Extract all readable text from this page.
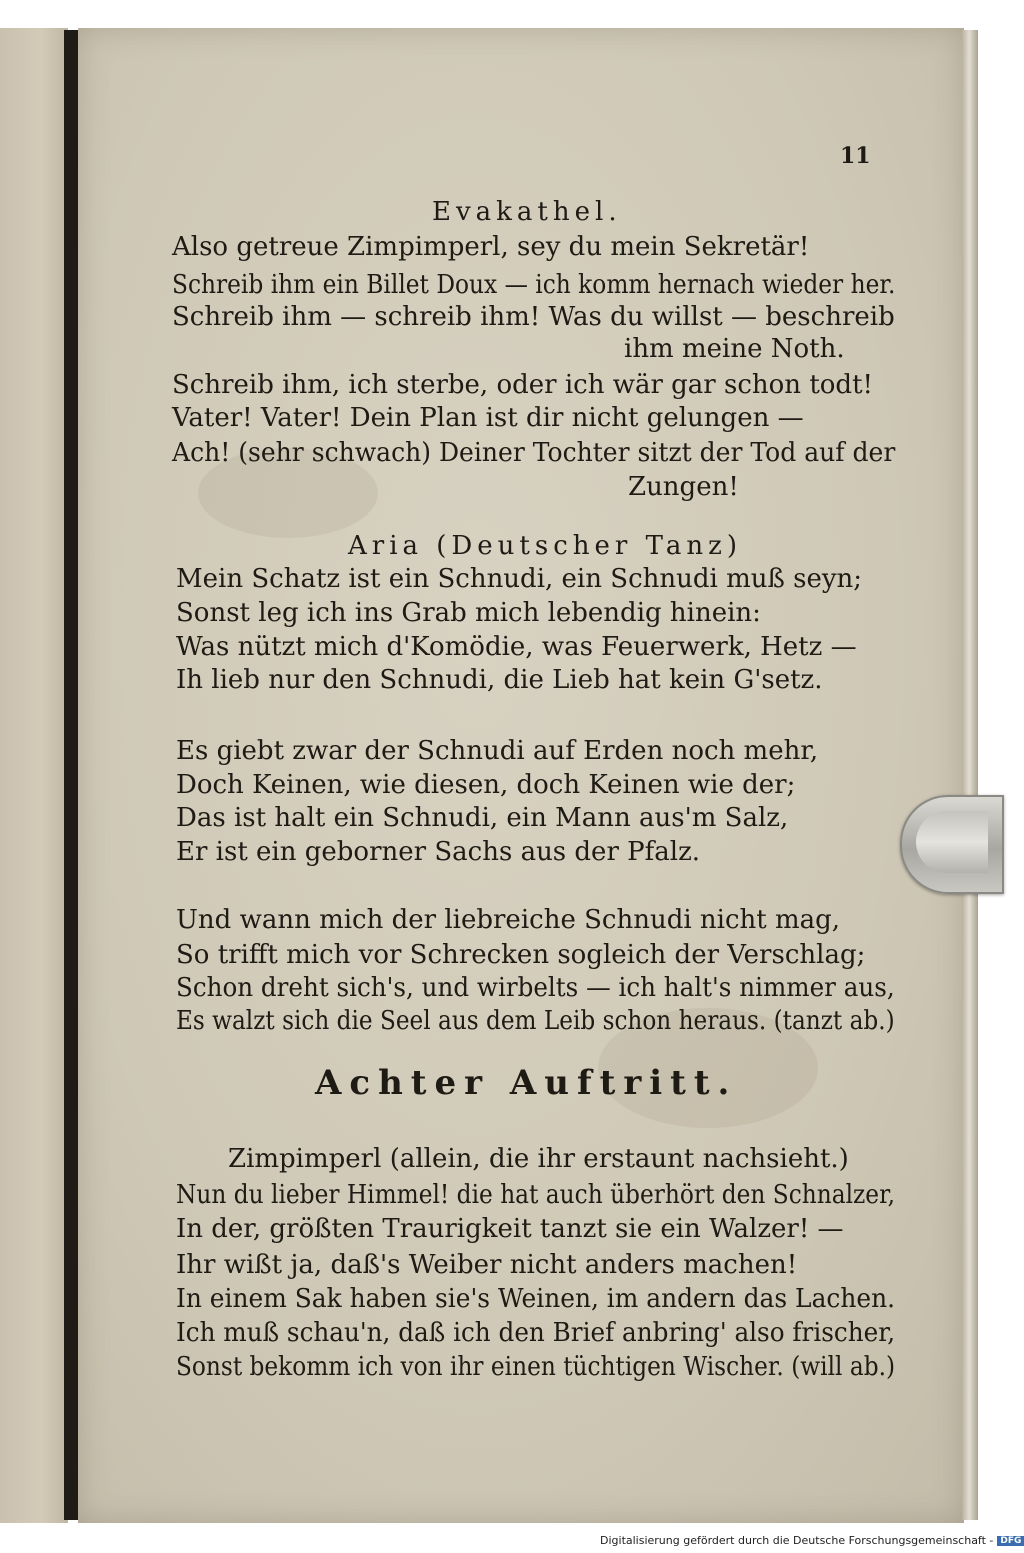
11
Evakathel.
Also getreue Zimpimperl, sey du mein Sekretär!
Schreib ihm ein Billet Doux — ich komm hernach wieder her.
Schreib ihm — schreib ihm! Was du willst — beschreib
ihm meine Noth.
Schreib ihm, ich sterbe, oder ich wär gar schon todt!
Vater! Vater! Dein Plan ist dir nicht gelungen —
Ach! (sehr schwach) Deiner Tochter sitzt der Tod auf der
Zungen!
Aria (Deutscher Tanz)
Mein Schatz ist ein Schnudi, ein Schnudi muß seyn;
Sonst leg ich ins Grab mich lebendig hinein:
Was nützt mich d'Komödie, was Feuerwerk, Hetz —
Ih lieb nur den Schnudi, die Lieb hat kein G'setz.
Es giebt zwar der Schnudi auf Erden noch mehr,
Doch Keinen, wie diesen, doch Keinen wie der;
Das ist halt ein Schnudi, ein Mann aus'm Salz,
Er ist ein geborner Sachs aus der Pfalz.
Und wann mich der liebreiche Schnudi nicht mag,
So trifft mich vor Schrecken sogleich der Verschlag;
Schon dreht sich's, und wirbelts — ich halt's nimmer aus,
Es walzt sich die Seel aus dem Leib schon heraus. (tanzt ab.)
Achter Auftritt.
Zimpimperl (allein, die ihr erstaunt nachsieht.)
Nun du lieber Himmel! die hat auch überhört den Schnalzer,
In der, größten Traurigkeit tanzt sie ein Walzer! —
Ihr wißt ja, daß's Weiber nicht anders machen!
In einem Sak haben sie's Weinen, im andern das Lachen.
Ich muß schau'n, daß ich den Brief anbring' also frischer,
Sonst bekomm ich von ihr einen tüchtigen Wischer. (will ab.)
Digitalisierung gefördert durch die Deutsche Forschungsgemeinschaft - DFG
